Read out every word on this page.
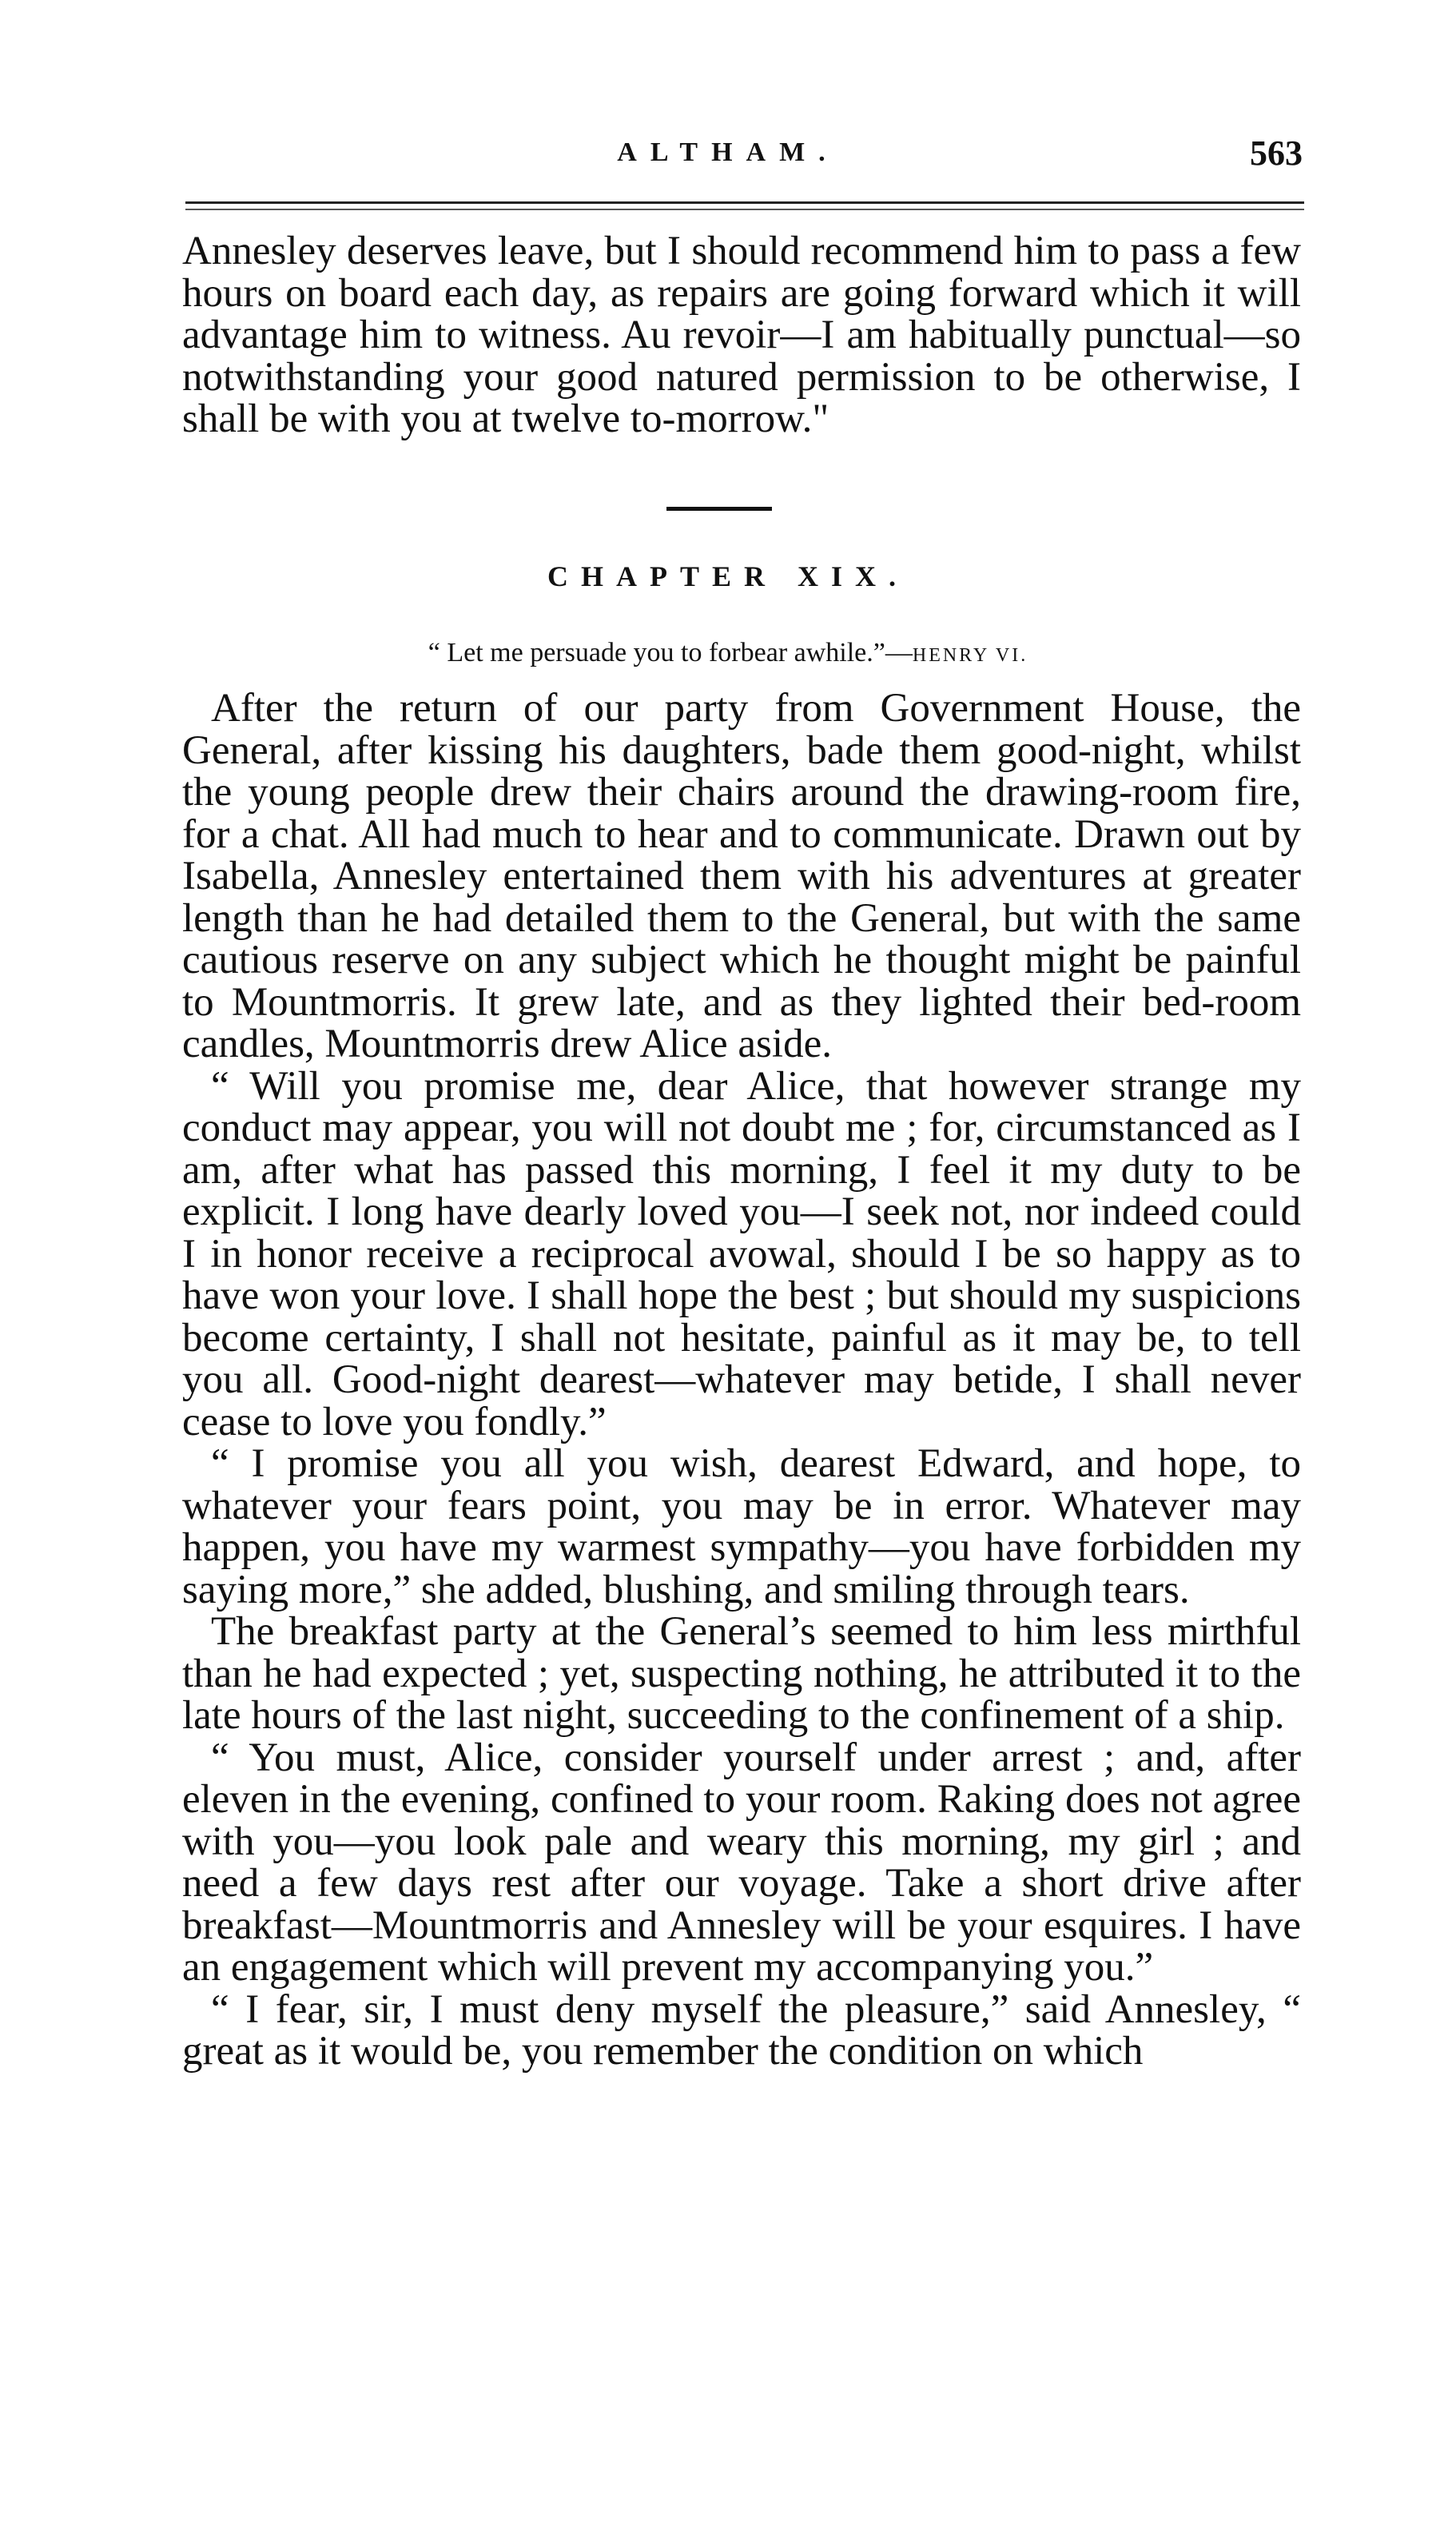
ALTHAM.	563

Annesley deserves leave, but I should recommend him to pass a few hours on board each day, as repairs are going forward which it will advantage him to witness. Au revoir—I am habitually punctual—so notwithstanding your good natured permission to be otherwise, I shall be with you at twelve to-morrow."

CHAPTER XIX.
“ Let me persuade you to forbear awhile.”—HENRY VI.

After the return of our party from Government House, the General, after kissing his daughters, bade them good-night, whilst the young people drew their chairs around the drawing-room fire, for a chat. All had much to hear and to communicate. Drawn out by Isabella, Annesley entertained them with his adventures at greater length than he had detailed them to the General, but with the same cautious reserve on any subject which he thought might be painful to Mountmorris. It grew late, and as they lighted their bed-room candles, Mountmorris drew Alice aside.

“ Will you promise me, dear Alice, that however strange my conduct may appear, you will not doubt me ; for, circumstanced as I am, after what has passed this morning, I feel it my duty to be explicit. I long have dearly loved you—I seek not, nor indeed could I in honor receive a reciprocal avowal, should I be so happy as to have won your love. I shall hope the best ; but should my suspicions become certainty, I shall not hesitate, painful as it may be, to tell you all. Good-night dearest—whatever may betide, I shall never cease to love you fondly.”

“ I promise you all you wish, dearest Edward, and hope, to whatever your fears point, you may be in error. Whatever may happen, you have my warmest sympathy—you have forbidden my saying more,” she added, blushing, and smiling through tears.

The breakfast party at the General’s seemed to him less mirthful than he had expected ; yet, suspecting nothing, he attributed it to the late hours of the last night, succeeding to the confinement of a ship.

“ You must, Alice, consider yourself under arrest ; and, after eleven in the evening, confined to your room. Raking does not agree with you—you look pale and weary this morning, my girl ; and need a few days rest after our voyage. Take a short drive after breakfast—Mountmorris and Annesley will be your esquires. I have an engagement which will prevent my accompanying you.”

“ I fear, sir, I must deny myself the pleasure,” said Annesley, “ great as it would be, you remember the condition on which
